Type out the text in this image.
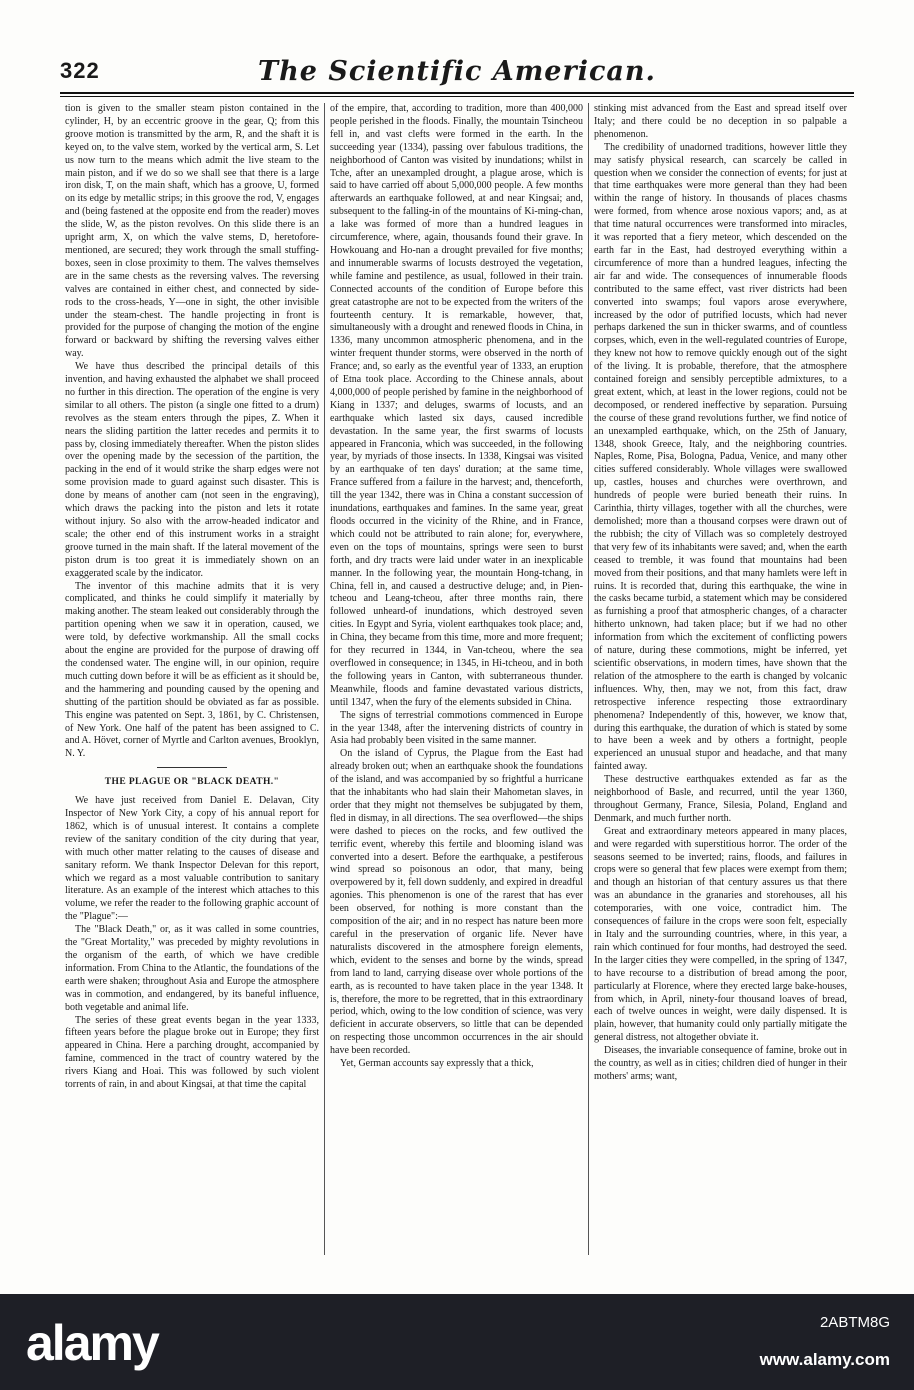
322	The Scientific American.

tion is given to the smaller steam piston contained in the cylinder, H, by an eccentric groove in the gear, Q; from this groove motion is transmitted by the arm, R, and the shaft it is keyed on, to the valve stem, worked by the vertical arm, S. Let us now turn to the means which admit the live steam to the main piston, and if we do so we shall see that there is a large iron disk, T, on the main shaft, which has a groove, U, formed on its edge by metallic strips; in this groove the rod, V, engages and (being fastened at the opposite end from the reader) moves the slide, W, as the piston revolves. On this slide there is an upright arm, X, on which the valve stems, D, heretofore-mentioned, are secured; they work through the small stuffing-boxes, seen in close proximity to them. The valves themselves are in the same chests as the reversing valves. The reversing valves are contained in either chest, and connected by side-rods to the cross-heads, Y—one in sight, the other invisible under the steam-chest. The handle projecting in front is provided for the purpose of changing the motion of the engine forward or backward by shifting the reversing valves either way.

We have thus described the principal details of this invention, and having exhausted the alphabet we shall proceed no further in this direction. The operation of the engine is very similar to all others. The piston (a single one fitted to a drum) revolves as the steam enters through the pipes, Z. When it nears the sliding partition the latter recedes and permits it to pass by, closing immediately thereafter. When the piston slides over the opening made by the secession of the partition, the packing in the end of it would strike the sharp edges were not some provision made to guard against such disaster. This is done by means of another cam (not seen in the engraving), which draws the packing into the piston and lets it rotate without injury. So also with the arrow-headed indicator and scale; the other end of this instrument works in a straight groove turned in the main shaft. If the lateral movement of the piston drum is too great it is immediately shown on an exaggerated scale by the indicator.

The inventor of this machine admits that it is very complicated, and thinks he could simplify it materially by making another. The steam leaked out considerably through the partition opening when we saw it in operation, caused, we were told, by defective workmanship. All the small cocks about the engine are provided for the purpose of drawing off the condensed water. The engine will, in our opinion, require much cutting down before it will be as efficient as it should be, and the hammering and pounding caused by the opening and shutting of the partition should be obviated as far as possible. This engine was patented on Sept. 3, 1861, by C. Christensen, of New York. One half of the patent has been assigned to C. and A. Hövet, corner of Myrtle and Carlton avenues, Brooklyn, N. Y.

THE PLAGUE OR "BLACK DEATH."

We have just received from Daniel E. Delavan, City Inspector of New York City, a copy of his annual report for 1862, which is of unusual interest. It contains a complete review of the sanitary condition of the city during that year, with much other matter relating to the causes of disease and sanitary reform. We thank Inspector Delevan for this report, which we regard as a most valuable contribution to sanitary literature. As an example of the interest which attaches to this volume, we refer the reader to the following graphic account of the "Plague":—

The "Black Death," or, as it was called in some countries, the "Great Mortality," was preceded by mighty revolutions in the organism of the earth, of which we have credible information. From China to the Atlantic, the foundations of the earth were shaken; throughout Asia and Europe the atmosphere was in commotion, and endangered, by its baneful influence, both vegetable and animal life.

The series of these great events began in the year 1333, fifteen years before the plague broke out in Europe; they first appeared in China. Here a parching drought, accompanied by famine, commenced in the tract of country watered by the rivers Kiang and Hoai. This was followed by such violent torrents of rain, in and about Kingsai, at that time the capital

of the empire, that, according to tradition, more than 400,000 people perished in the floods. Finally, the mountain Tsincheou fell in, and vast clefts were formed in the earth. In the succeeding year (1334), passing over fabulous traditions, the neighborhood of Canton was visited by inundations; whilst in Tche, after an unexampled drought, a plague arose, which is said to have carried off about 5,000,000 people. A few months afterwards an earthquake followed, at and near Kingsai; and, subsequent to the falling-in of the mountains of Ki-ming-chan, a lake was formed of more than a hundred leagues in circumference, where, again, thousands found their grave. In Howkouang and Ho-nan a drought prevailed for five months; and innumerable swarms of locusts destroyed the vegetation, while famine and pestilence, as usual, followed in their train. Connected accounts of the condition of Europe before this great catastrophe are not to be expected from the writers of the fourteenth century. It is remarkable, however, that, simultaneously with a drought and renewed floods in China, in 1336, many uncommon atmospheric phenomena, and in the winter frequent thunder storms, were observed in the north of France; and, so early as the eventful year of 1333, an eruption of Etna took place. According to the Chinese annals, about 4,000,000 of people perished by famine in the neighborhood of Kiang in 1337; and deluges, swarms of locusts, and an earthquake which lasted six days, caused incredible devastation. In the same year, the first swarms of locusts appeared in Franconia, which was succeeded, in the following year, by myriads of those insects. In 1338, Kingsai was visited by an earthquake of ten days' duration; at the same time, France suffered from a failure in the harvest; and, thenceforth, till the year 1342, there was in China a constant succession of inundations, earthquakes and famines. In the same year, great floods occurred in the vicinity of the Rhine, and in France, which could not be attributed to rain alone; for, everywhere, even on the tops of mountains, springs were seen to burst forth, and dry tracts were laid under water in an inexplicable manner. In the following year, the mountain Hong-tchang, in China, fell in, and caused a destructive deluge; and, in Pien-tcheou and Leang-tcheou, after three months rain, there followed unheard-of inundations, which destroyed seven cities. In Egypt and Syria, violent earthquakes took place; and, in China, they became from this time, more and more frequent; for they recurred in 1344, in Van-tcheou, where the sea overflowed in consequence; in 1345, in Hi-tcheou, and in both the following years in Canton, with subterraneous thunder. Meanwhile, floods and famine devastated various districts, until 1347, when the fury of the elements subsided in China.

The signs of terrestrial commotions commenced in Europe in the year 1348, after the intervening districts of country in Asia had probably been visited in the same manner.

On the island of Cyprus, the Plague from the East had already broken out; when an earthquake shook the foundations of the island, and was accompanied by so frightful a hurricane that the inhabitants who had slain their Mahometan slaves, in order that they might not themselves be subjugated by them, fled in dismay, in all directions. The sea overflowed—the ships were dashed to pieces on the rocks, and few outlived the terrific event, whereby this fertile and blooming island was converted into a desert. Before the earthquake, a pestiferous wind spread so poisonous an odor, that many, being overpowered by it, fell down suddenly, and expired in dreadful agonies. This phenomenon is one of the rarest that has ever been observed, for nothing is more constant than the composition of the air; and in no respect has nature been more careful in the preservation of organic life. Never have naturalists discovered in the atmosphere foreign elements, which, evident to the senses and borne by the winds, spread from land to land, carrying disease over whole portions of the earth, as is recounted to have taken place in the year 1348. It is, therefore, the more to be regretted, that in this extraordinary period, which, owing to the low condition of science, was very deficient in accurate observers, so little that can be depended on respecting those uncommon occurrences in the air should have been recorded.

Yet, German accounts say expressly that a thick,

stinking mist advanced from the East and spread itself over Italy; and there could be no deception in so palpable a phenomenon.

The credibility of unadorned traditions, however little they may satisfy physical research, can scarcely be called in question when we consider the connection of events; for just at that time earthquakes were more general than they had been within the range of history. In thousands of places chasms were formed, from whence arose noxious vapors; and, as at that time natural occurrences were transformed into miracles, it was reported that a fiery meteor, which descended on the earth far in the East, had destroyed everything within a circumference of more than a hundred leagues, infecting the air far and wide. The consequences of innumerable floods contributed to the same effect, vast river districts had been converted into swamps; foul vapors arose everywhere, increased by the odor of putrified locusts, which had never perhaps darkened the sun in thicker swarms, and of countless corpses, which, even in the well-regulated countries of Europe, they knew not how to remove quickly enough out of the sight of the living. It is probable, therefore, that the atmosphere contained foreign and sensibly perceptible admixtures, to a great extent, which, at least in the lower regions, could not be decomposed, or rendered ineffective by separation. Pursuing the course of these grand revolutions further, we find notice of an unexampled earthquake, which, on the 25th of January, 1348, shook Greece, Italy, and the neighboring countries. Naples, Rome, Pisa, Bologna, Padua, Venice, and many other cities suffered considerably. Whole villages were swallowed up, castles, houses and churches were overthrown, and hundreds of people were buried beneath their ruins. In Carinthia, thirty villages, together with all the churches, were demolished; more than a thousand corpses were drawn out of the rubbish; the city of Villach was so completely destroyed that very few of its inhabitants were saved; and, when the earth ceased to tremble, it was found that mountains had been moved from their positions, and that many hamlets were left in ruins. It is recorded that, during this earthquake, the wine in the casks became turbid, a statement which may be considered as furnishing a proof that atmospheric changes, of a character hitherto unknown, had taken place; but if we had no other information from which the excitement of conflicting powers of nature, during these commotions, might be inferred, yet scientific observations, in modern times, have shown that the relation of the atmosphere to the earth is changed by volcanic influences. Why, then, may we not, from this fact, draw retrospective inference respecting those extraordinary phenomena? Independently of this, however, we know that, during this earthquake, the duration of which is stated by some to have been a week and by others a fortnight, people experienced an unusual stupor and headache, and that many fainted away.

These destructive earthquakes extended as far as the neighborhood of Basle, and recurred, until the year 1360, throughout Germany, France, Silesia, Poland, England and Denmark, and much further north.

Great and extraordinary meteors appeared in many places, and were regarded with superstitious horror. The order of the seasons seemed to be inverted; rains, floods, and failures in crops were so general that few places were exempt from them; and though an historian of that century assures us that there was an abundance in the granaries and storehouses, all his cotemporaries, with one voice, contradict him. The consequences of failure in the crops were soon felt, especially in Italy and the surrounding countries, where, in this year, a rain which continued for four months, had destroyed the seed. In the larger cities they were compelled, in the spring of 1347, to have recourse to a distribution of bread among the poor, particularly at Florence, where they erected large bake-houses, from which, in April, ninety-four thousand loaves of bread, each of twelve ounces in weight, were daily dispensed. It is plain, however, that humanity could only partially mitigate the general distress, not altogether obviate it.

Diseases, the invariable consequence of famine, broke out in the country, as well as in cities; children died of hunger in their mothers' arms; want,

alamy	2ABTM8G
www.alamy.com
